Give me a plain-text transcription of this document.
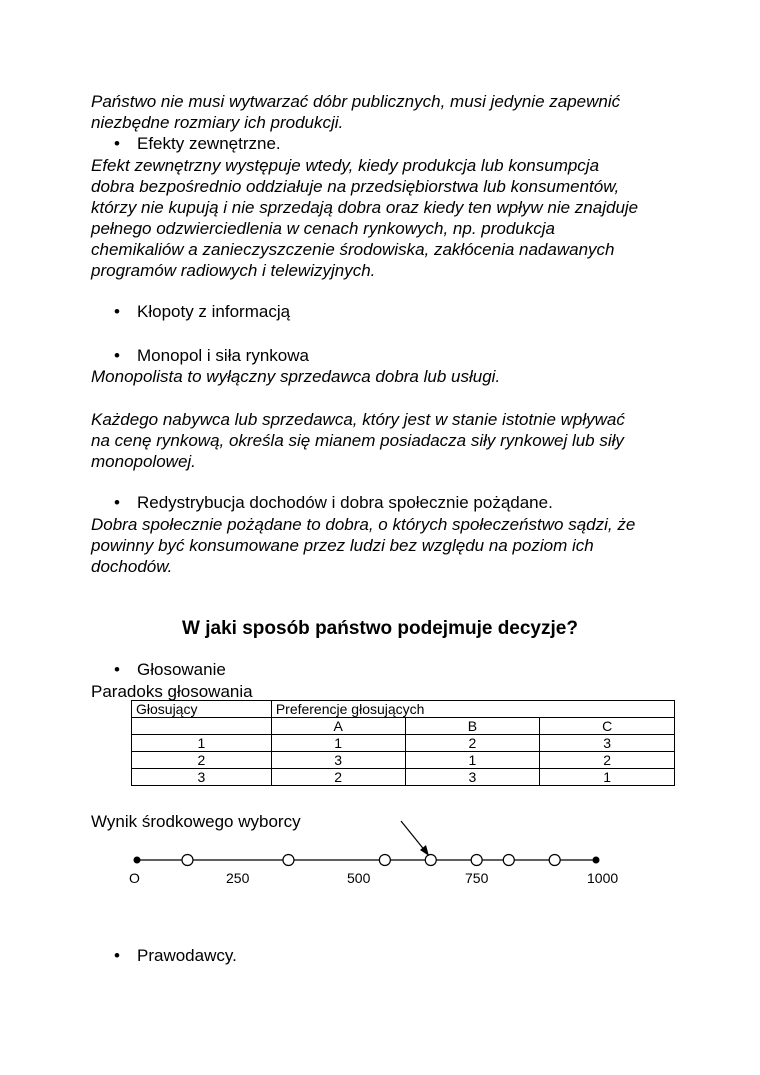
Państwo nie musi wytwarzać dóbr publicznych, musi jedynie zapewnić
niezbędne rozmiary ich produkcji.
• Efekty zewnętrzne.
Efekt zewnętrzny występuje wtedy, kiedy produkcja lub konsumpcja
dobra bezpośrednio oddziałuje na przedsiębiorstwa lub konsumentów,
którzy nie kupują i nie sprzedają dobra oraz kiedy ten wpływ nie znajduje
pełnego odzwierciedlenia w cenach rynkowych, np. produkcja
chemikaliów a zanieczyszczenie środowiska, zakłócenia nadawanych
programów radiowych i telewizyjnych.
• Kłopoty z informacją
• Monopol i siła rynkowa
Monopolista to wyłączny sprzedawca dobra lub usługi.
Każdego nabywca lub sprzedawca, który jest w stanie istotnie wpływać
na cenę rynkową, określa się mianem posiadacza siły rynkowej lub siły
monopolowej.
• Redystrybucja dochodów i dobra społecznie pożądane.
Dobra społecznie pożądane to dobra, o których społeczeństwo sądzi, że
powinny być konsumowane przez ludzi bez względu na poziom ich
dochodów.
W jaki sposób państwo podejmuje decyzje?
• Głosowanie
Paradoks głosowania
Głosujący	Preferencje głosujących		
	A	B	C
1	1	2	3
2	3	1	2
3	2	3	1
Wynik środkowego wyborcy
O	250	500	750	1000
• Prawodawcy.
